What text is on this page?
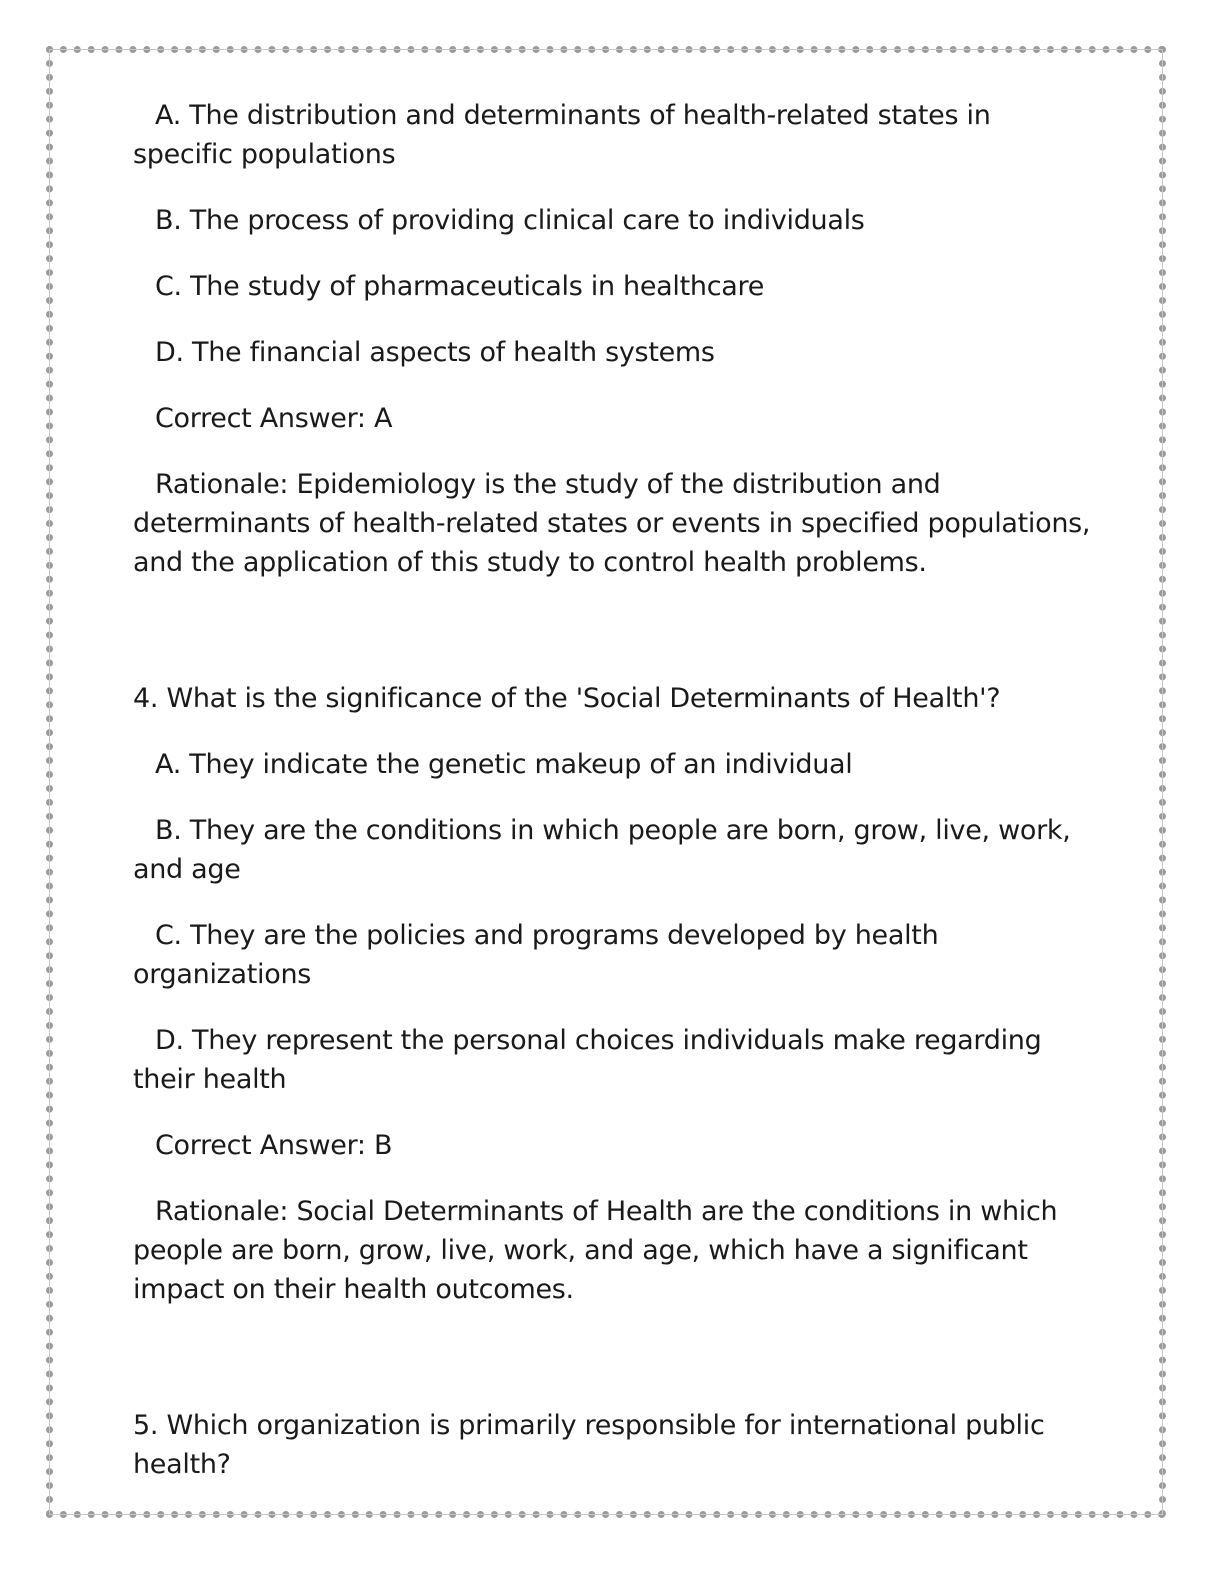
A. The distribution and determinants of health-related states in specific populations

B. The process of providing clinical care to individuals

C. The study of pharmaceuticals in healthcare

D. The financial aspects of health systems

Correct Answer: A

Rationale: Epidemiology is the study of the distribution and determinants of health-related states or events in specified populations, and the application of this study to control health problems.

4. What is the significance of the 'Social Determinants of Health'?

A. They indicate the genetic makeup of an individual

B. They are the conditions in which people are born, grow, live, work, and age

C. They are the policies and programs developed by health organizations

D. They represent the personal choices individuals make regarding their health

Correct Answer: B

Rationale: Social Determinants of Health are the conditions in which people are born, grow, live, work, and age, which have a significant impact on their health outcomes.

5. Which organization is primarily responsible for international public health?
